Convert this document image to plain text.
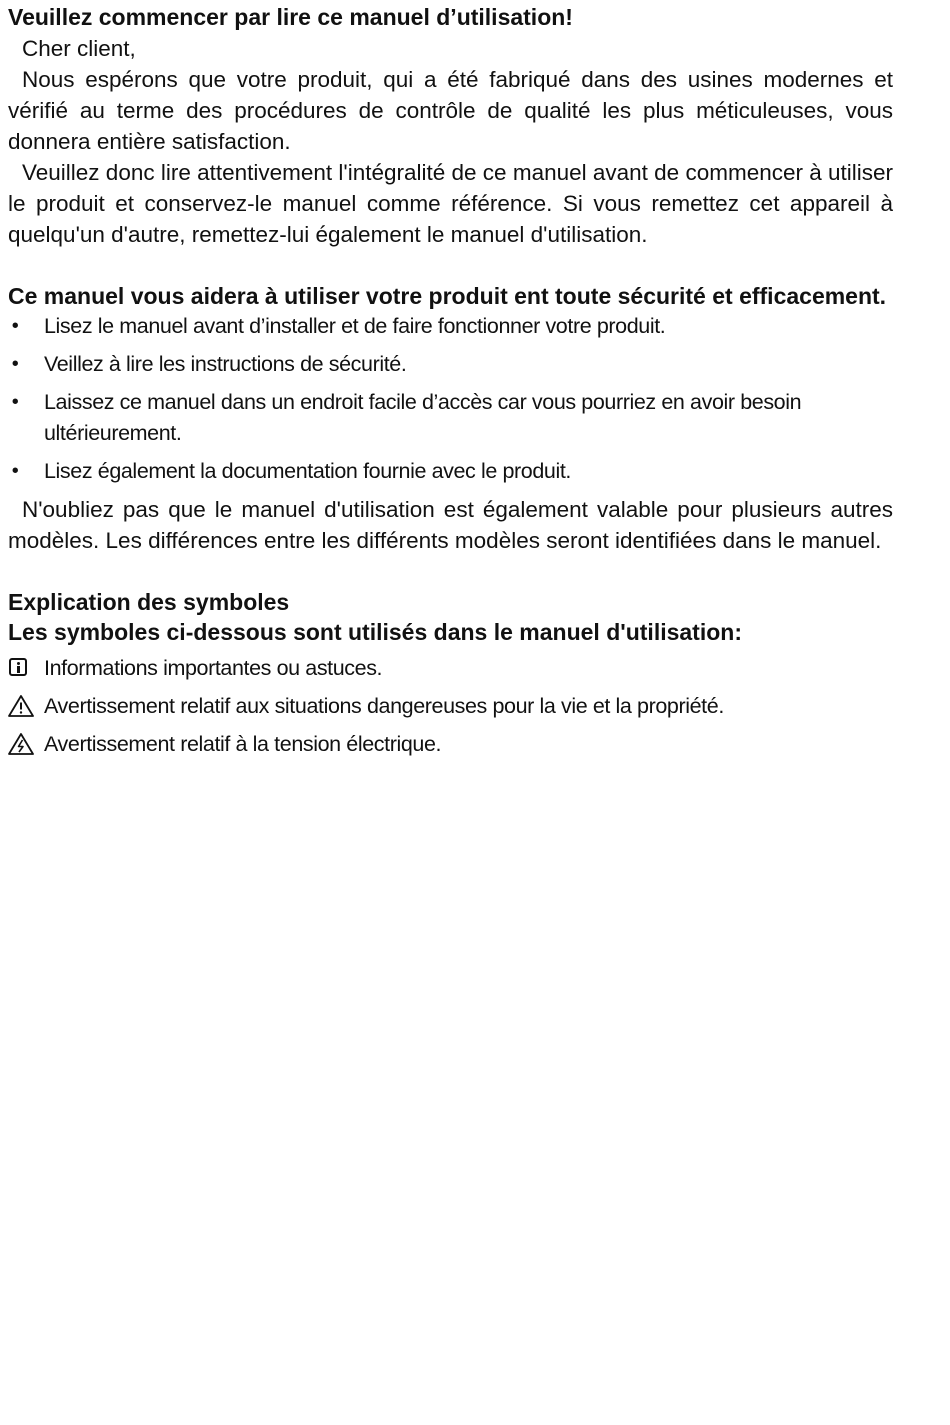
Veuillez commencer par lire ce manuel d’utilisation!

Cher client,

Nous espérons que votre produit, qui a été fabriqué dans des usines modernes et vérifié au terme des procédures de contrôle de qualité les plus méticuleuses, vous donnera entière satisfaction.

Veuillez donc lire attentivement l'intégralité de ce manuel avant de commencer à utiliser le produit et conservez-le manuel comme référence. Si vous remettez cet appareil à quelqu'un d'autre, remettez-lui également le manuel d'utilisation.

Ce manuel vous aidera à utiliser votre produit ent toute sécurité et efficacement.

• Lisez le manuel avant d’installer et de faire fonctionner votre produit.
• Veillez à lire les instructions de sécurité.
• Laissez ce manuel dans un endroit facile d’accès car vous pourriez en avoir besoin ultérieurement.
• Lisez également la documentation fournie avec le produit.

N'oubliez pas que le manuel d'utilisation est également valable pour plusieurs autres modèles. Les différences entre les différents modèles seront identifiées dans le manuel.

Explication des symboles

Les symboles ci-dessous sont utilisés dans le manuel d'utilisation:

Informations importantes ou astuces.
Avertissement relatif aux situations dangereuses pour la vie et la propriété.
Avertissement relatif à la tension électrique.
